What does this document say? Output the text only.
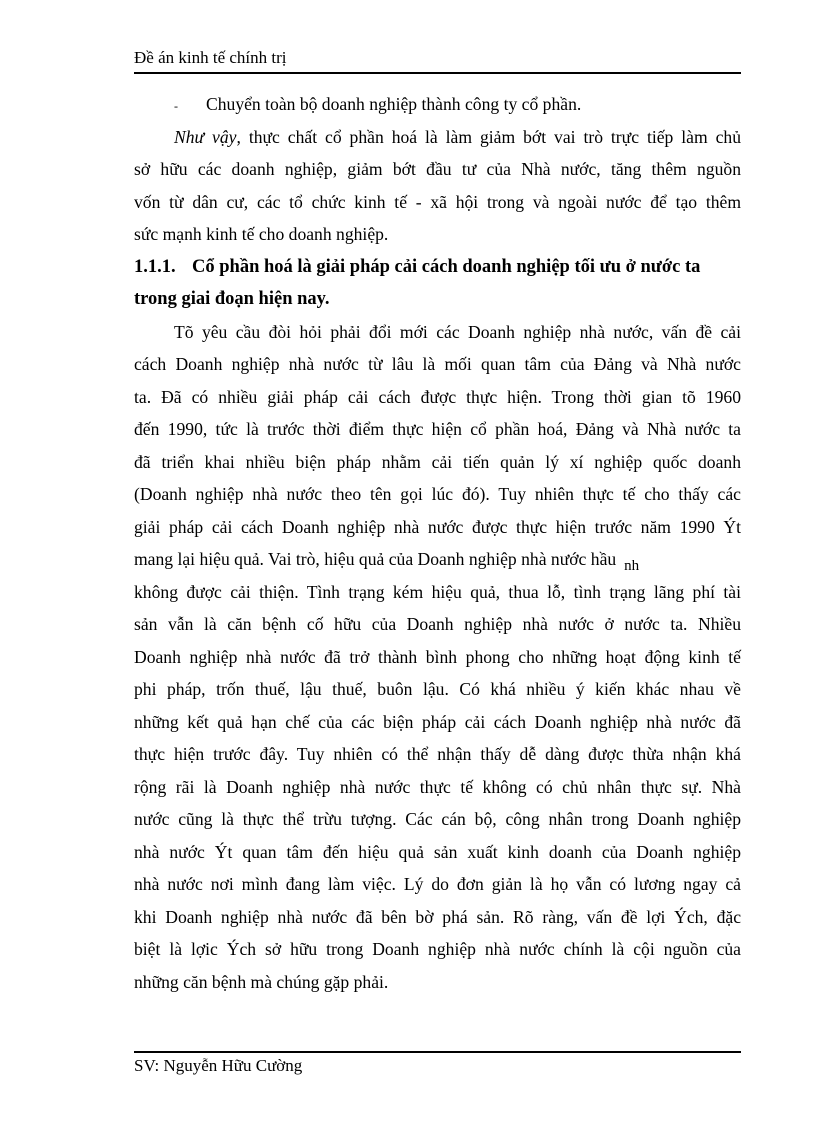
Đề án kinh tế chính trị
- Chuyển toàn bộ doanh nghiệp thành công ty cổ phần.
Như vậy, thực chất cổ phần hoá là làm giảm bớt vai trò trực tiếp làm chủ
sở hữu các doanh nghiệp, giảm bớt đầu tư của Nhà nước, tăng thêm nguồn
vốn từ dân cư, các tổ chức kinh tế - xã hội trong và ngoài nước để tạo thêm
sức mạnh kinh tế cho doanh nghiệp.
1.1.1. Cổ phần hoá là giải pháp cải cách doanh nghiệp tối ưu ở nước ta
trong giai đoạn hiện nay.
Tõ yêu cầu đòi hỏi phải đổi mới các Doanh nghiệp nhà nước, vấn đề cải
cách Doanh nghiệp nhà nước từ lâu là mối quan tâm của Đảng và Nhà nước
ta. Đã có nhiều giải pháp cải cách được thực hiện. Trong thời gian tõ 1960
đến 1990, tức là trước thời điểm thực hiện cổ phần hoá, Đảng và Nhà nước ta
đã triển khai nhiều biện pháp nhằm cải tiến quản lý xí nghiệp quốc doanh
(Doanh nghiệp nhà nước theo tên gọi lúc đó). Tuy nhiên thực tế cho thấy các
giải pháp cải cách Doanh nghiệp nhà nước được thực hiện trước năm 1990 Ýt
mang lại hiệu quả. Vai trò, hiệu quả của Doanh nghiệp nhà nước hầu nh
không được cải thiện. Tình trạng kém hiệu quả, thua lỗ, tình trạng lãng phí tài
sản vẫn là căn bệnh cố hữu của Doanh nghiệp nhà nước ở nước ta. Nhiều
Doanh nghiệp nhà nước đã trở thành bình phong cho những hoạt động kinh tế
phi pháp, trốn thuế, lậu thuế, buôn lậu. Có khá nhiều ý kiến khác nhau về
những kết quả hạn chế của các biện pháp cải cách Doanh nghiệp nhà nước đã
thực hiện trước đây. Tuy nhiên có thể nhận thấy dễ dàng được thừa nhận khá
rộng rãi là Doanh nghiệp nhà nước thực tế không có chủ nhân thực sự. Nhà
nước cũng là thực thể trừu tượng. Các cán bộ, công nhân trong Doanh nghiệp
nhà nước Ýt quan tâm đến hiệu quả sản xuất kinh doanh của Doanh nghiệp
nhà nước nơi mình đang làm việc. Lý do đơn giản là họ vẫn có lương ngay cả
khi Doanh nghiệp nhà nước đã bên bờ phá sản. Rõ ràng, vấn đề lợi Ých, đặc
biệt là lợic Ých sở hữu trong Doanh nghiệp nhà nước chính là cội nguồn của
những căn bệnh mà chúng gặp phải.
SV: Nguyễn Hữu Cường
